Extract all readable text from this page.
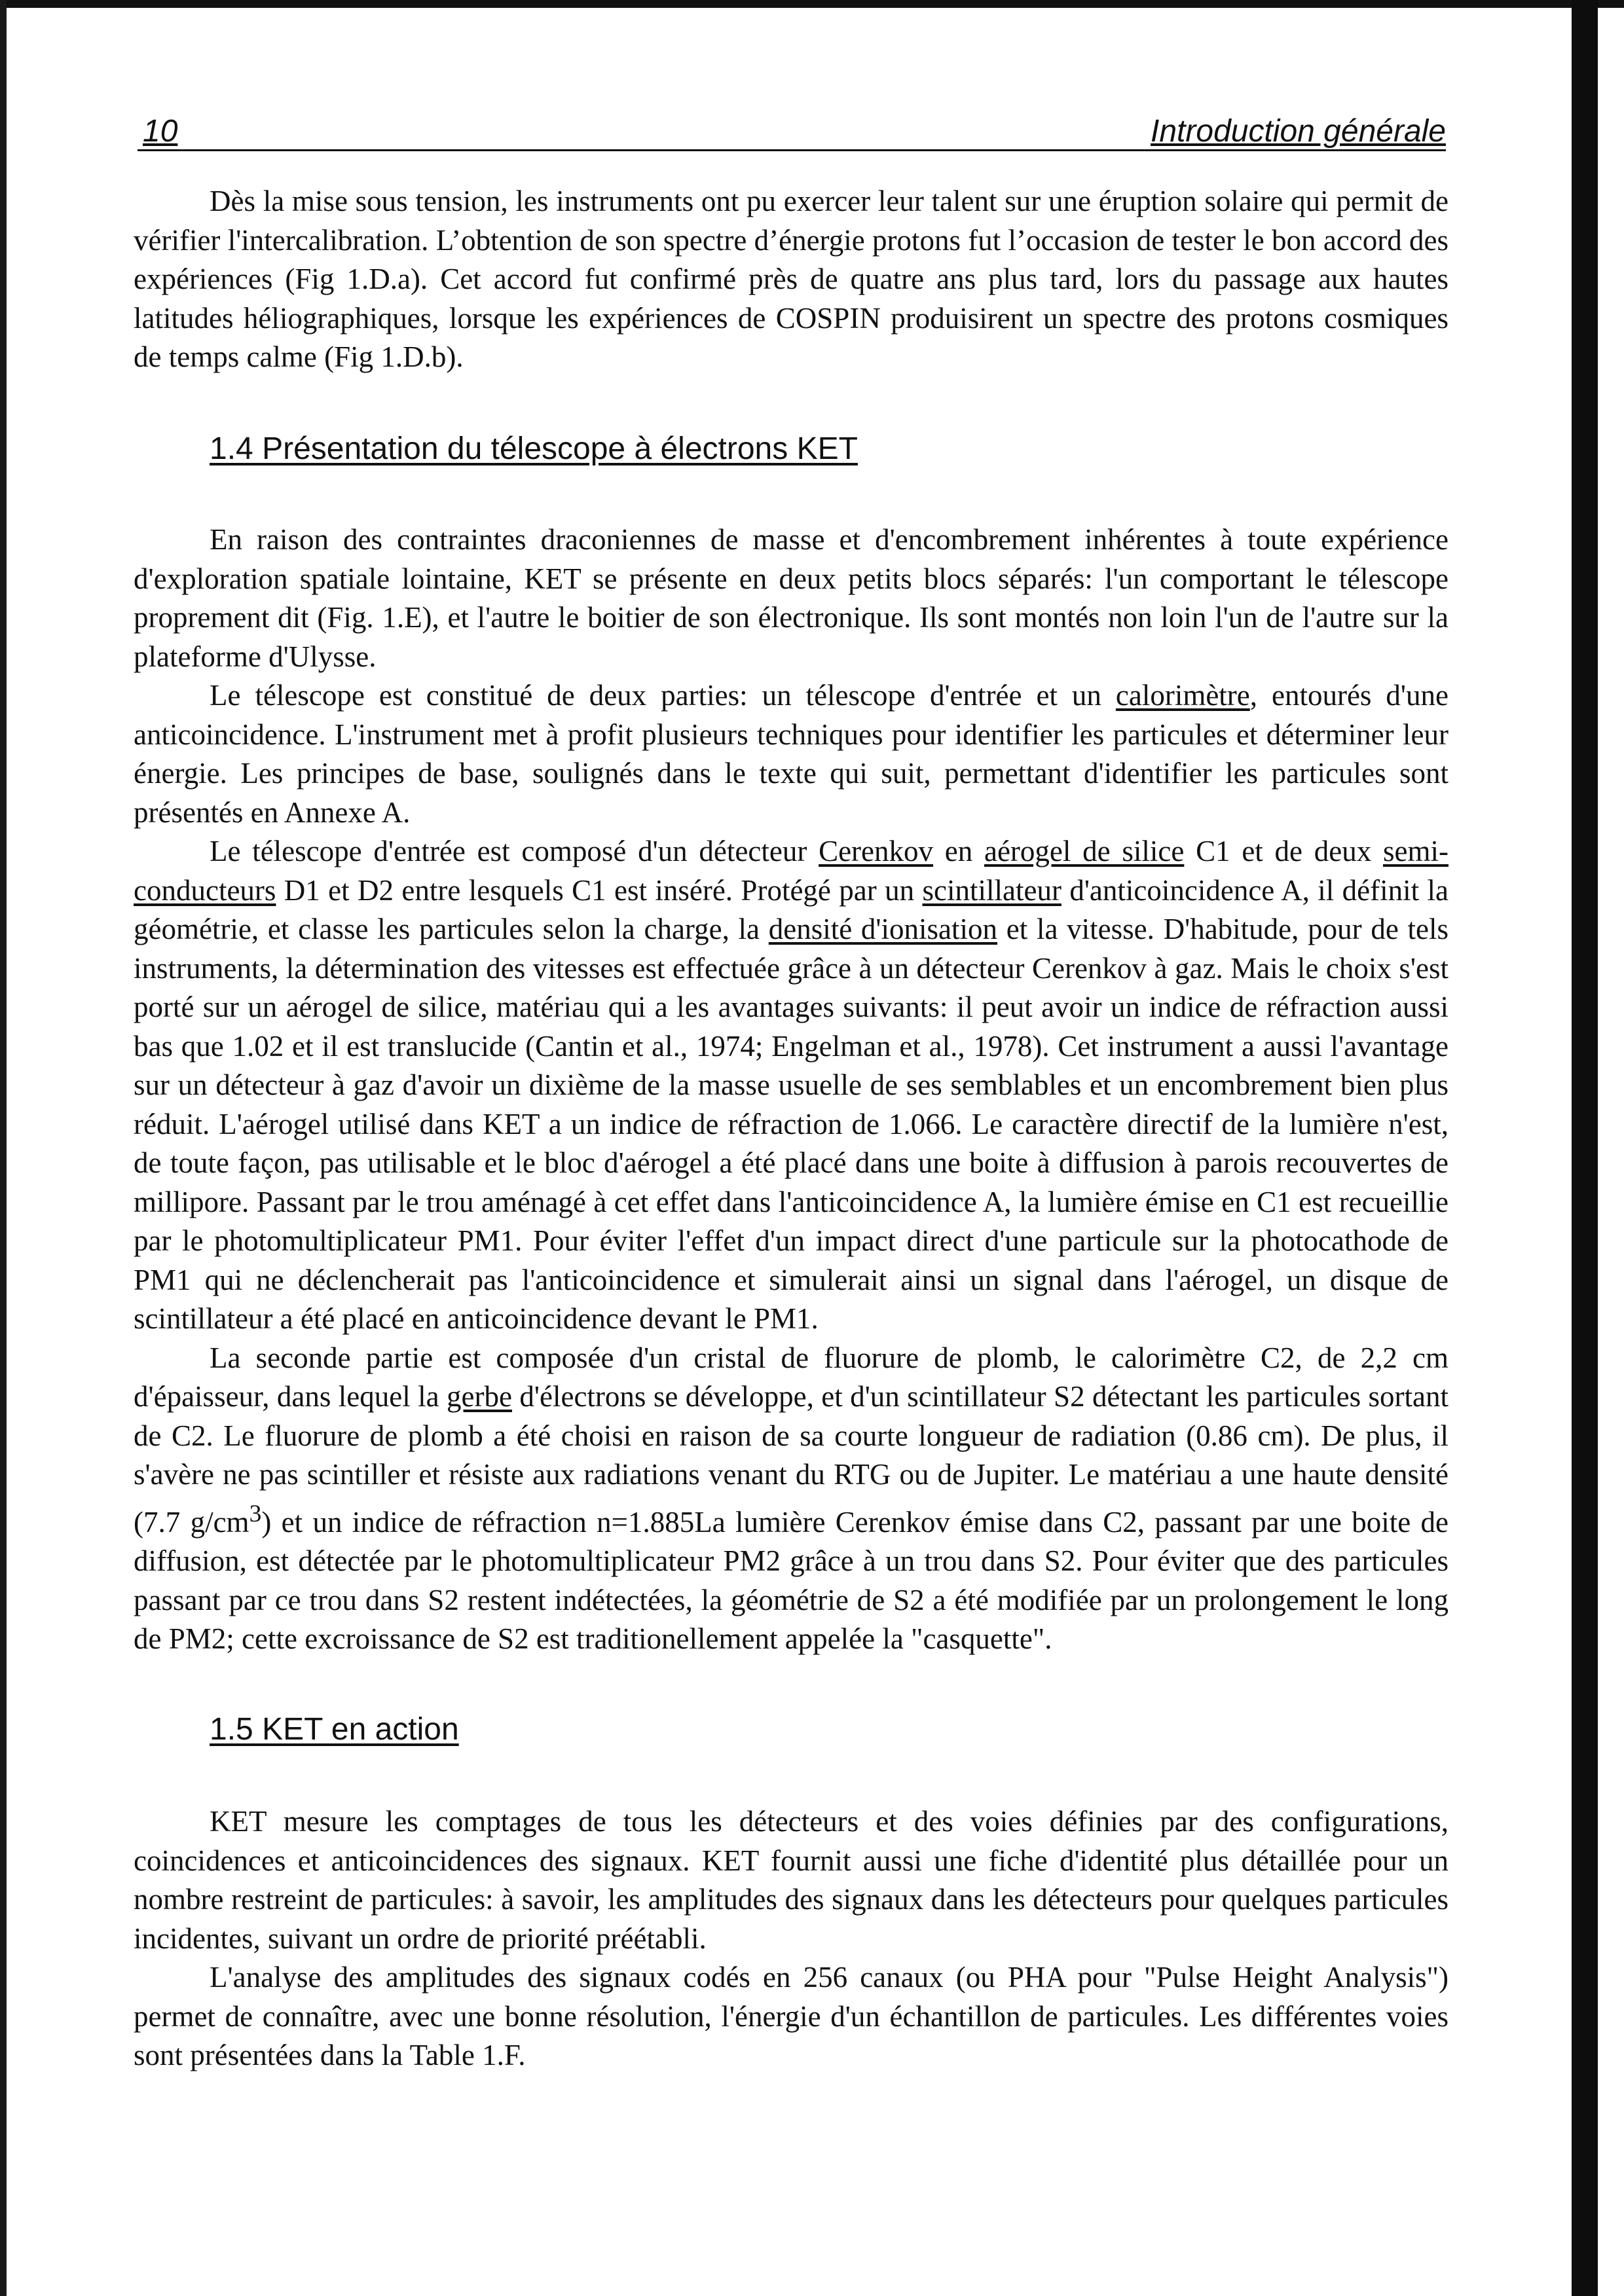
10	Introduction générale

Dès la mise sous tension, les instruments ont pu exercer leur talent sur une éruption solaire qui permit de vérifier l'intercalibration. L’obtention de son spectre d’énergie protons fut l’occasion de tester le bon accord des expériences (Fig 1.D.a). Cet accord fut confirmé près de quatre ans plus tard, lors du passage aux hautes latitudes héliographiques, lorsque les expériences de COSPIN produisirent un spectre des protons cosmiques de temps calme (Fig 1.D.b).

1.4 Présentation du télescope à électrons KET

En raison des contraintes draconiennes de masse et d'encombrement inhérentes à toute expérience d'exploration spatiale lointaine, KET se présente en deux petits blocs séparés: l'un comportant le télescope proprement dit (Fig. 1.E), et l'autre le boitier de son électronique. Ils sont montés non loin l'un de l'autre sur la plateforme d'Ulysse.

Le télescope est constitué de deux parties: un télescope d'entrée et un calorimètre, entourés d'une anticoincidence. L'instrument met à profit plusieurs techniques pour identifier les particules et déterminer leur énergie. Les principes de base, soulignés dans le texte qui suit, permettant d'identifier les particules sont présentés en Annexe A.

Le télescope d'entrée est composé d'un détecteur Cerenkov en aérogel de silice C1 et de deux semi-conducteurs D1 et D2 entre lesquels C1 est inséré. Protégé par un scintillateur d'anticoincidence A, il définit la géométrie, et classe les particules selon la charge, la densité d'ionisation et la vitesse. D'habitude, pour de tels instruments, la détermination des vitesses est effectuée grâce à un détecteur Cerenkov à gaz. Mais le choix s'est porté sur un aérogel de silice, matériau qui a les avantages suivants: il peut avoir un indice de réfraction aussi bas que 1.02 et il est translucide (Cantin et al., 1974; Engelman et al., 1978). Cet instrument a aussi l'avantage sur un détecteur à gaz d'avoir un dixième de la masse usuelle de ses semblables et un encombrement bien plus réduit. L'aérogel utilisé dans KET a un indice de réfraction de 1.066. Le caractère directif de la lumière n'est, de toute façon, pas utilisable et le bloc d'aérogel a été placé dans une boite à diffusion à parois recouvertes de millipore. Passant par le trou aménagé à cet effet dans l'anticoincidence A, la lumière émise en C1 est recueillie par le photomultiplicateur PM1. Pour éviter l'effet d'un impact direct d'une particule sur la photocathode de PM1 qui ne déclencherait pas l'anticoincidence et simulerait ainsi un signal dans l'aérogel, un disque de scintillateur a été placé en anticoincidence devant le PM1.

La seconde partie est composée d'un cristal de fluorure de plomb, le calorimètre C2, de 2,2 cm d'épaisseur, dans lequel la gerbe d'électrons se développe, et d'un scintillateur S2 détectant les particules sortant de C2. Le fluorure de plomb a été choisi en raison de sa courte longueur de radiation (0.86 cm). De plus, il s'avère ne pas scintiller et résiste aux radiations venant du RTG ou de Jupiter. Le matériau a une haute densité (7.7 $g/cm^3$) et un indice de réfraction n=1.885La lumière Cerenkov émise dans C2, passant par une boite de diffusion, est détectée par le photomultiplicateur PM2 grâce à un trou dans S2. Pour éviter que des particules passant par ce trou dans S2 restent indétectées, la géométrie de S2 a été modifiée par un prolongement le long de PM2; cette excroissance de S2 est traditionellement appelée la "casquette".

1.5 KET en action

KET mesure les comptages de tous les détecteurs et des voies définies par des configurations, coincidences et anticoincidences des signaux. KET fournit aussi une fiche d'identité plus détaillée pour un nombre restreint de particules: à savoir, les amplitudes des signaux dans les détecteurs pour quelques particules incidentes, suivant un ordre de priorité préétabli.

L'analyse des amplitudes des signaux codés en 256 canaux (ou PHA pour "Pulse Height Analysis") permet de connaître, avec une bonne résolution, l'énergie d'un échantillon de particules. Les différentes voies sont présentées dans la Table 1.F.
